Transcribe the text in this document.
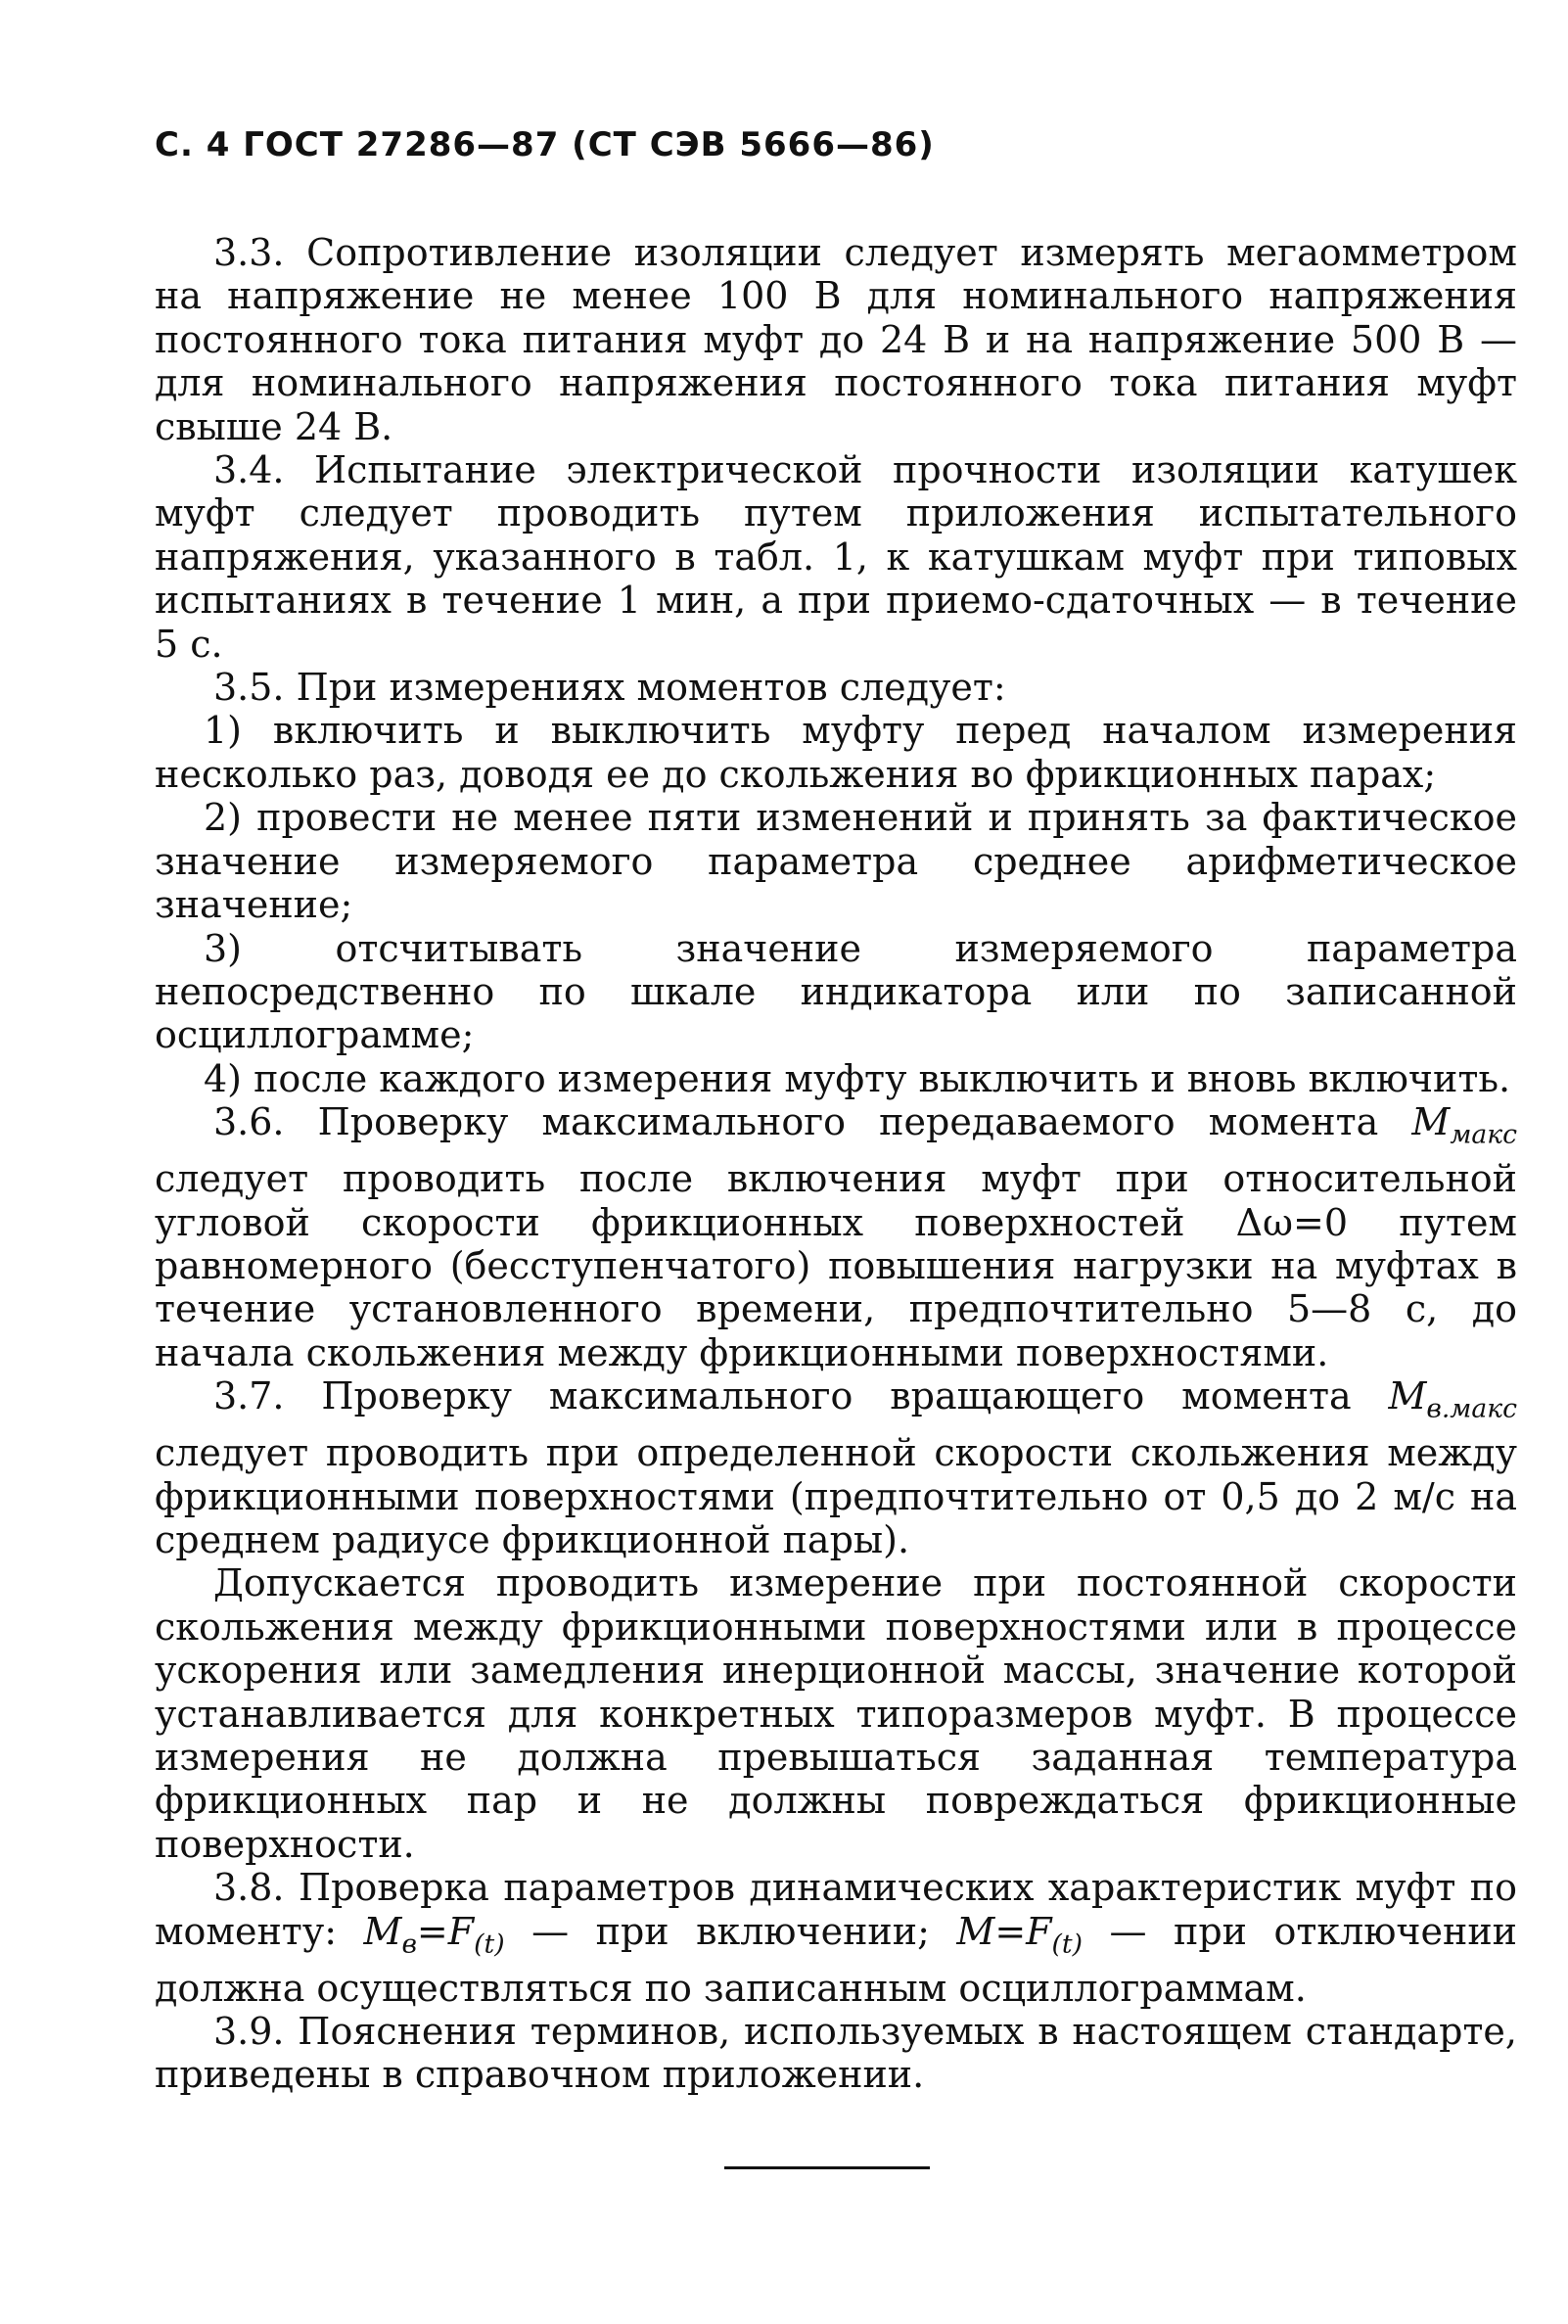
С. 4 ГОСТ 27286—87 (СТ СЭВ 5666—86)

3.3. Сопротивление изоляции следует измерять мегаомметром на напряжение не менее 100 В для номинального напряжения постоянного тока питания муфт до 24 В и на напряжение 500 В — для номинального напряжения постоянного тока питания муфт свыше 24 В.

3.4. Испытание электрической прочности изоляции катушек муфт следует проводить путем приложения испытательного напряжения, указанного в табл. 1, к катушкам муфт при типовых испытаниях в течение 1 мин, а при приемо-сдаточных — в течение 5 с.

3.5. При измерениях моментов следует:

1) включить и выключить муфту перед началом измерения несколько раз, доводя ее до скольжения во фрикционных парах;

2) провести не менее пяти изменений и принять за фактическое значение измеряемого параметра среднее арифметическое значение;

3) отсчитывать значение измеряемого параметра непосредственно по шкале индикатора или по записанной осциллограмме;

4) после каждого измерения муфту выключить и вновь включить.

3.6. Проверку максимального передаваемого момента $M_{макс}$ следует проводить после включения муфт при относительной угловой скорости фрикционных поверхностей Δω=0 путем равномерного (бесступенчатого) повышения нагрузки на муфтах в течение установленного времени, предпочтительно 5—8 с, до начала скольжения между фрикционными поверхностями.

3.7. Проверку максимального вращающего момента $M_{в.макс}$ следует проводить при определенной скорости скольжения между фрикционными поверхностями (предпочтительно от 0,5 до 2 м/с на среднем радиусе фрикционной пары).

Допускается проводить измерение при постоянной скорости скольжения между фрикционными поверхностями или в процессе ускорения или замедления инерционной массы, значение которой устанавливается для конкретных типоразмеров муфт. В процессе измерения не должна превышаться заданная температура фрикционных пар и не должны повреждаться фрикционные поверхности.

3.8. Проверка параметров динамических характеристик муфт по моменту: $M_в=F_{(t)}$ — при включении; $M=F_{(t)}$ — при отключении должна осуществляться по записанным осциллограммам.

3.9. Пояснения терминов, используемых в настоящем стандарте, приведены в справочном приложении.
